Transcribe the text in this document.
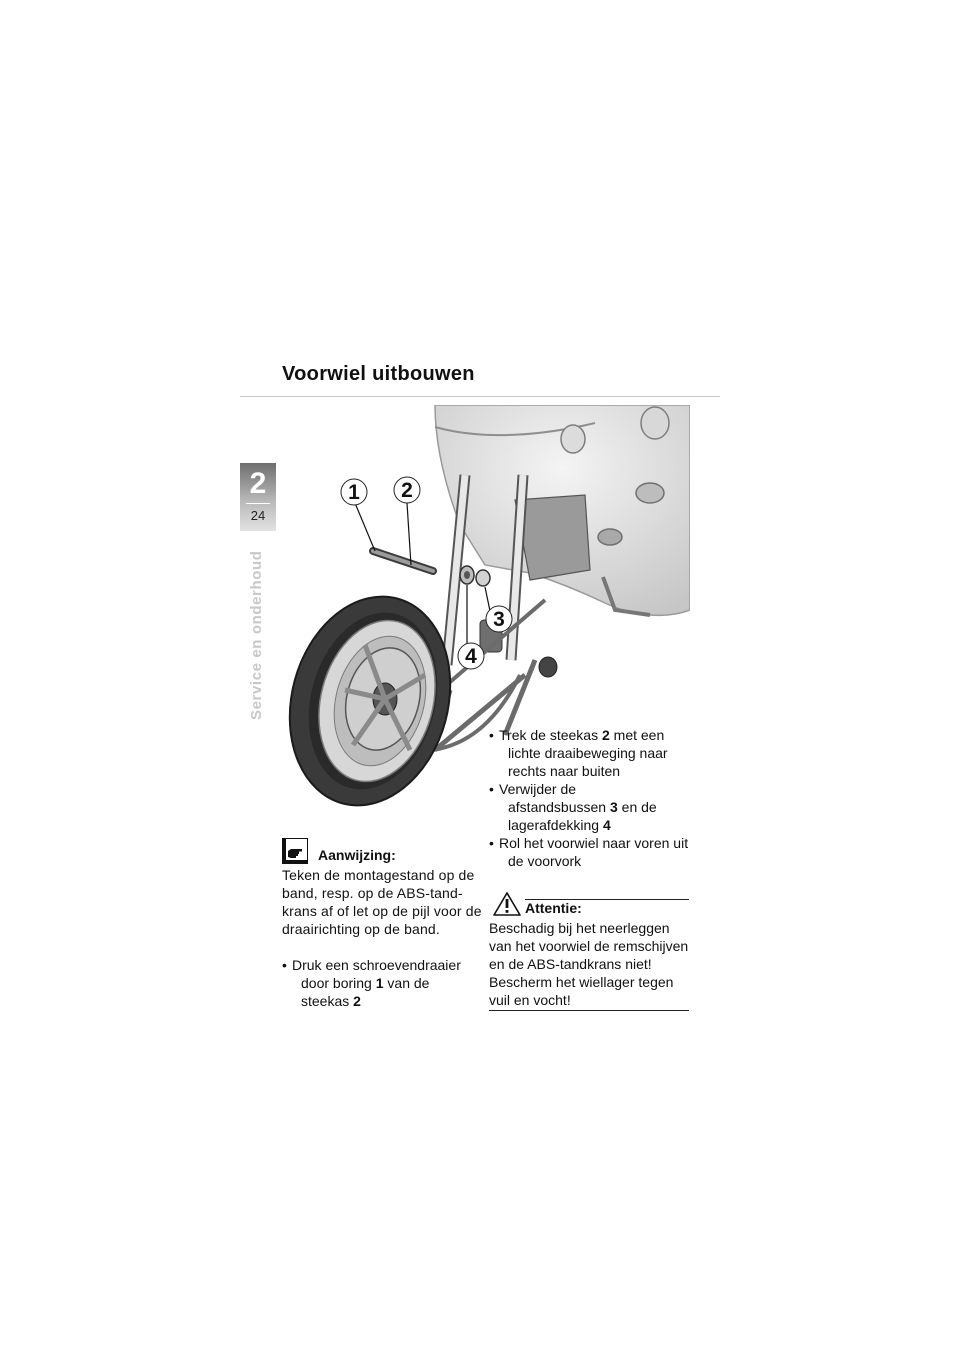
Voorwiel uitbouwen
2
24
Service en onderhoud
1 2
3
4
Aanwijzing:
Teken de montagestand op de
band, resp. op de ABS-tand-
krans af of let op de pijl voor de
draairichting op de band.
• Druk een schroevendraaier
door boring 1 van de
steekas 2
• Trek de steekas 2 met een
lichte draaibeweging naar
rechts naar buiten
• Verwijder de
afstandsbussen 3 en de
lagerafdekking 4
• Rol het voorwiel naar voren uit
de voorvork
Attentie:
Beschadig bij het neerleggen
van het voorwiel de remschijven
en de ABS-tandkrans niet!
Bescherm het wiellager tegen
vuil en vocht!
